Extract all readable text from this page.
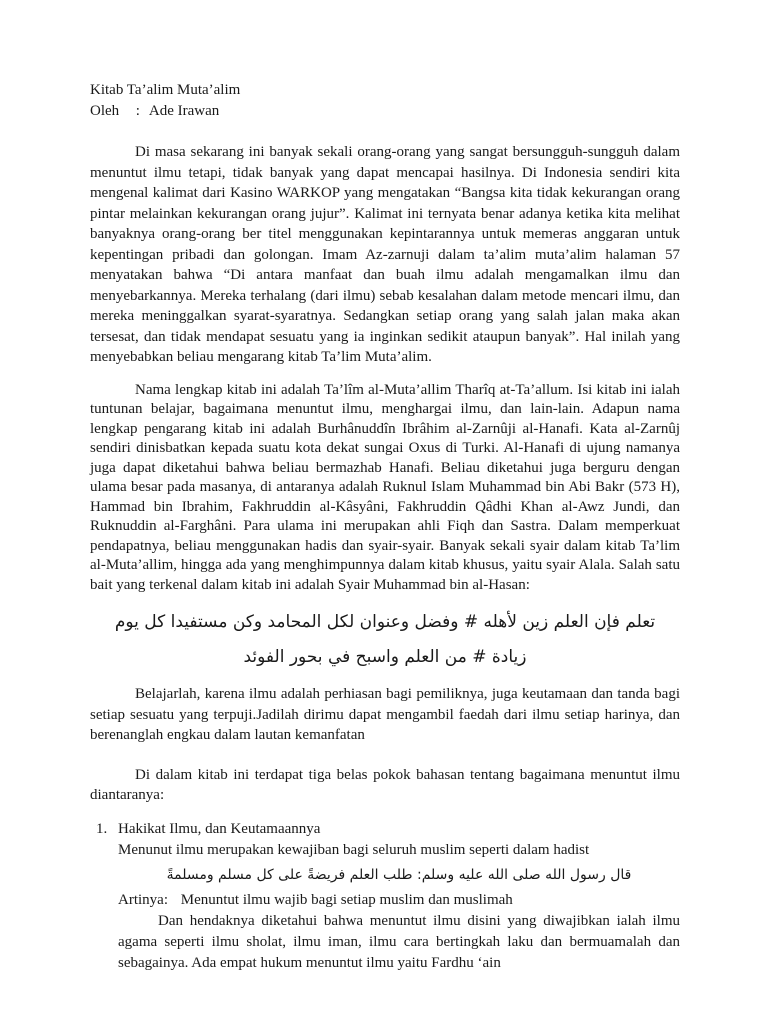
Kitab Ta’alim Muta’alim

Oleh : Ade Irawan

Di masa sekarang ini banyak sekali orang-orang yang sangat bersungguh-sungguh dalam menuntut ilmu tetapi, tidak banyak yang dapat mencapai hasilnya. Di Indonesia sendiri kita mengenal kalimat dari Kasino WARKOP yang mengatakan “Bangsa kita tidak kekurangan orang pintar melainkan kekurangan orang jujur”. Kalimat ini ternyata benar adanya ketika kita melihat banyaknya orang-orang ber titel menggunakan kepintarannya untuk memeras anggaran untuk kepentingan pribadi dan golongan. Imam Az-zarnuji dalam ta’alim muta’alim halaman 57 menyatakan bahwa “Di antara manfaat dan buah ilmu adalah mengamalkan ilmu dan menyebarkannya. Mereka terhalang (dari ilmu) sebab kesalahan dalam metode mencari ilmu, dan mereka meninggalkan syarat-syaratnya. Sedangkan setiap orang yang salah jalan maka akan tersesat, dan tidak mendapat sesuatu yang ia inginkan sedikit ataupun banyak”. Hal inilah yang menyebabkan beliau mengarang kitab Ta’lim Muta’alim.

Nama lengkap kitab ini adalah Ta’lîm al-Muta’allim Tharîq at-Ta’allum. Isi kitab ini ialah tuntunan belajar, bagaimana menuntut ilmu, menghargai ilmu, dan lain-lain. Adapun nama lengkap pengarang kitab ini adalah Burhânuddîn Ibrâhim al-Zarnûji al-Hanafi. Kata al-Zarnûj sendiri dinisbatkan kepada suatu kota dekat sungai Oxus di Turki. Al-Hanafi di ujung namanya juga dapat diketahui bahwa beliau bermazhab Hanafi. Beliau diketahui juga berguru dengan ulama besar pada masanya, di antaranya adalah Ruknul Islam Muhammad bin Abi Bakr (573 H), Hammad bin Ibrahim, Fakhruddin al-Kâsyâni, Fakhruddin Qâdhi Khan al-Awz Jundi, dan Ruknuddin al-Farghâni. Para ulama ini merupakan ahli Fiqh dan Sastra. Dalam memperkuat pendapatnya, beliau menggunakan hadis dan syair-syair. Banyak sekali syair dalam kitab Ta’lim al-Muta’allim, hingga ada yang menghimpunnya dalam kitab khusus, yaitu syair Alala. Salah satu bait yang terkenal dalam kitab ini adalah Syair Muhammad bin al-Hasan:

تعلم فإن العلم زين لأهله # وفضل وعنوان لكل المحامد وكن مستفيدا كل يوم

زيادة # من العلم واسبح في بحور الفوئد

Belajarlah, karena ilmu adalah perhiasan bagi pemiliknya, juga keutamaan dan tanda bagi setiap sesuatu yang terpuji.Jadilah dirimu dapat mengambil faedah dari ilmu setiap harinya, dan berenanglah engkau dalam lautan kemanfatan

Di dalam kitab ini terdapat tiga belas pokok bahasan tentang bagaimana menuntut ilmu diantaranya:

1. Hakikat Ilmu, dan Keutamaannya

Menunut ilmu merupakan kewajiban bagi seluruh muslim seperti dalam hadist

قال رسول الله صلى الله عليه وسلم: طلب العلم فريضةً على كل مسلم ومسلمةً

Artinya: Menuntut ilmu wajib bagi setiap muslim dan muslimah

Dan hendaknya diketahui bahwa menuntut ilmu disini yang diwajibkan ialah ilmu agama seperti ilmu sholat, ilmu iman, ilmu cara bertingkah laku dan bermuamalah dan sebagainya. Ada empat hukum menuntut ilmu yaitu Fardhu ‘ain
